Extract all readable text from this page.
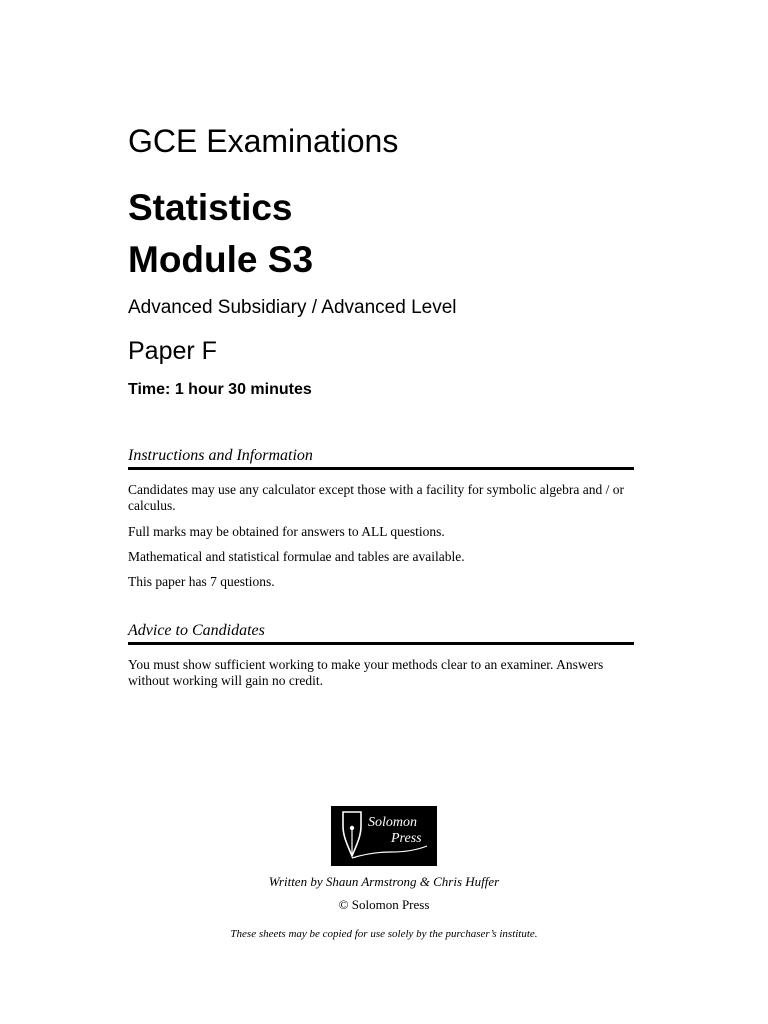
GCE Examinations
Statistics
Module S3
Advanced Subsidiary / Advanced Level
Paper F
Time: 1 hour 30 minutes
Instructions and Information
Candidates may use any calculator except those with a facility for symbolic algebra and / or calculus.
Full marks may be obtained for answers to ALL questions.
Mathematical and statistical formulae and tables are available.
This paper has 7 questions.
Advice to Candidates
You must show sufficient working to make your methods clear to an examiner. Answers without working will gain no credit.
Solomon
Press
Written by Shaun Armstrong & Chris Huffer
© Solomon Press
These sheets may be copied for use solely by the purchaser’s institute.
